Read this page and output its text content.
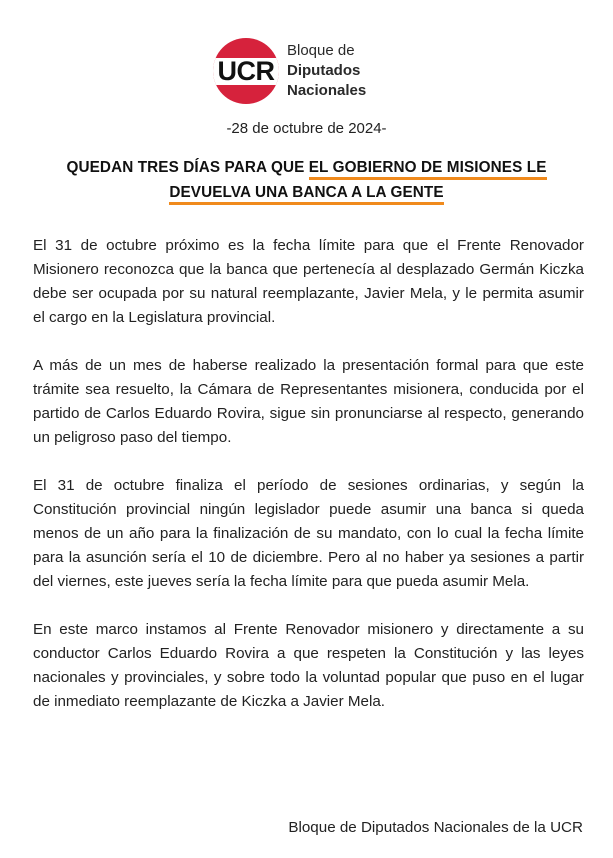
UCR
Bloque de
Diputados
Nacionales
-28 de octubre de 2024-
QUEDAN TRES DÍAS PARA QUE EL GOBIERNO DE MISIONES LE
DEVUELVA UNA BANCA A LA GENTE

El 31 de octubre próximo es la fecha límite para que el Frente Renovador Misionero reconozca que la banca que pertenecía al desplazado Germán Kiczka debe ser ocupada por su natural reemplazante, Javier Mela, y le permita asumir el cargo en la Legislatura provincial.

A más de un mes de haberse realizado la presentación formal para que este trámite sea resuelto, la Cámara de Representantes misionera, conducida por el partido de Carlos Eduardo Rovira, sigue sin pronunciarse al respecto, generando un peligroso paso del tiempo.

El 31 de octubre finaliza el período de sesiones ordinarias, y según la Constitución provincial ningún legislador puede asumir una banca si queda menos de un año para la finalización de su mandato, con lo cual la fecha límite para la asunción sería el 10 de diciembre. Pero al no haber ya sesiones a partir del viernes, este jueves sería la fecha límite para que pueda asumir Mela.

En este marco instamos al Frente Renovador misionero y directamente a su conductor Carlos Eduardo Rovira a que respeten la Constitución y las leyes nacionales y provinciales, y sobre todo la voluntad popular que puso en el lugar de inmediato reemplazante de Kiczka a Javier Mela.

Bloque de Diputados Nacionales de la UCR
